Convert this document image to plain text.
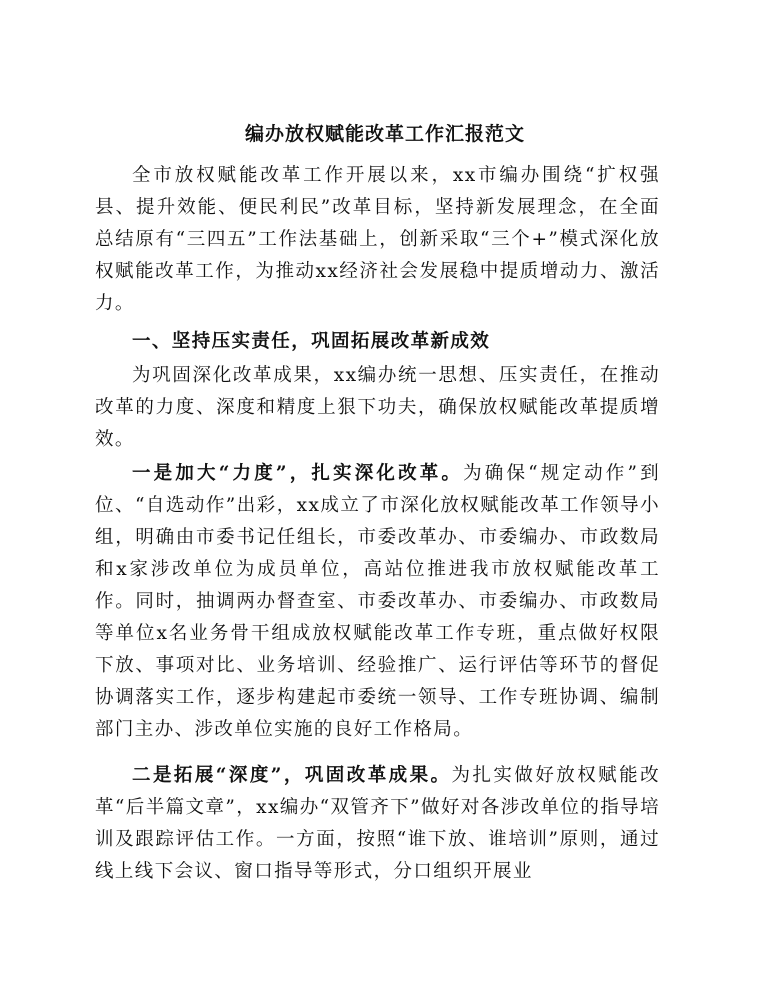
编办放权赋能改革工作汇报范文
全市放权赋能改革工作开展以来，xx市编办围绕“扩权强县、提升效能、便民利民”改革目标，坚持新发展理念，在全面总结原有“三四五”工作法基础上，创新采取“三个+”模式深化放权赋能改革工作，为推动xx经济社会发展稳中提质增动力、激活力。
一、坚持压实责任，巩固拓展改革新成效
为巩固深化改革成果，xx编办统一思想、压实责任，在推动改革的力度、深度和精度上狠下功夫，确保放权赋能改革提质增效。
一是加大“力度”，扎实深化改革。为确保“规定动作”到位、“自选动作”出彩，xx成立了市深化放权赋能改革工作领导小组，明确由市委书记任组长，市委改革办、市委编办、市政数局和x家涉改单位为成员单位，高站位推进我市放权赋能改革工作。同时，抽调两办督查室、市委改革办、市委编办、市政数局等单位x名业务骨干组成放权赋能改革工作专班，重点做好权限下放、事项对比、业务培训、经验推广、运行评估等环节的督促协调落实工作，逐步构建起市委统一领导、工作专班协调、编制部门主办、涉改单位实施的良好工作格局。
二是拓展“深度”，巩固改革成果。为扎实做好放权赋能改革“后半篇文章”，xx编办“双管齐下”做好对各涉改单位的指导培训及跟踪评估工作。一方面，按照“谁下放、谁培训”原则，通过线上线下会议、窗口指导等形式，分口组织开展业
